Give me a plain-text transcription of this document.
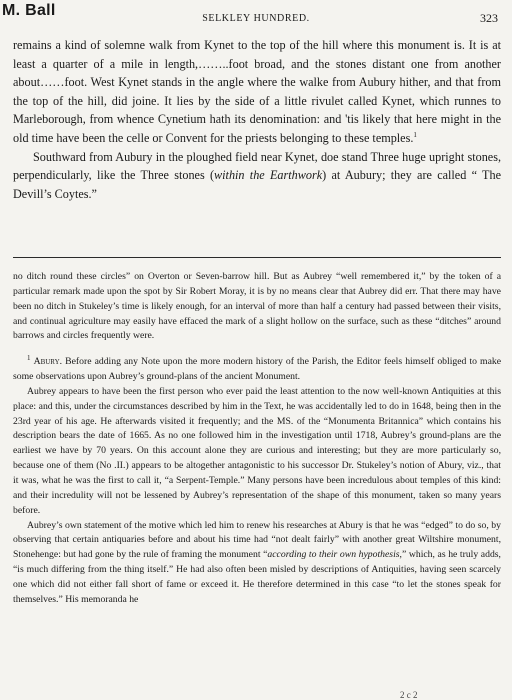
M. Ball	SELKLEY HUNDRED.	323

remains a kind of solemne walk from Kynet to the top of the hill where this monument is. It is at least a quarter of a mile in length,……..foot broad, and the stones distant one from another about……foot. West Kynet stands in the angle where the walke from Aubury hither, and that from the top of the hill, did joine. It lies by the side of a little rivulet called Kynet, which runnes to Marleborough, from whence Cynetium hath its denomination: and 'tis likely that here might in the old time have been the celle or Convent for the priests belonging to these temples.$^1$

Southward from Aubury in the ploughed field near Kynet, doe stand Three huge upright stones, perpendicularly, like the Three stones (within the Earthwork) at Aubury; they are called “ The Devill’s Coytes.”

no ditch round these circles” on Overton or Seven-barrow hill. But as Aubrey “well remembered it,” by the token of a particular remark made upon the spot by Sir Robert Moray, it is by no means clear that Aubrey did err. That there may have been no ditch in Stukeley’s time is likely enough, for an interval of more than half a century had passed between their visits, and continual agriculture may easily have effaced the mark of a slight hollow on the surface, such as these “ditches” around barrows and circles frequently were.

$^1$ Abury. Before adding any Note upon the more modern history of the Parish, the Editor feels himself obliged to make some observations upon Aubrey’s ground-plans of the ancient Monument.

Aubrey appears to have been the first person who ever paid the least attention to the now well-known Antiquities at this place: and this, under the circumstances described by him in the Text, he was accidentally led to do in 1648, being then in the 23rd year of his age. He afterwards visited it frequently; and the MS. of the “Monumenta Britannica” which contains his description bears the date of 1665. As no one followed him in the investigation until 1718, Aubrey’s ground-plans are the earliest we have by 70 years. On this account alone they are curious and interesting; but they are more particularly so, because one of them (No .II.) appears to be altogether antagonistic to his successor Dr. Stukeley’s notion of Abury, viz., that it was, what he was the first to call it, “a Serpent-Temple.” Many persons have been incredulous about temples of this kind: and their incredulity will not be lessened by Aubrey’s representation of the shape of this monument, taken so many years before.

Aubrey’s own statement of the motive which led him to renew his researches at Abury is that he was “edged” to do so, by observing that certain antiquaries before and about his time had “not dealt fairly” with another great Wiltshire monument, Stonehenge: but had gone by the rule of framing the monument “according to their own hypothesis,” which, as he truly adds, “is much differing from the thing itself.” He had also often been misled by descriptions of Antiquities, having seen scarcely one which did not either fall short of fame or exceed it. He therefore determined in this case “to let the stones speak for themselves.” His memoranda he

2 c 2
